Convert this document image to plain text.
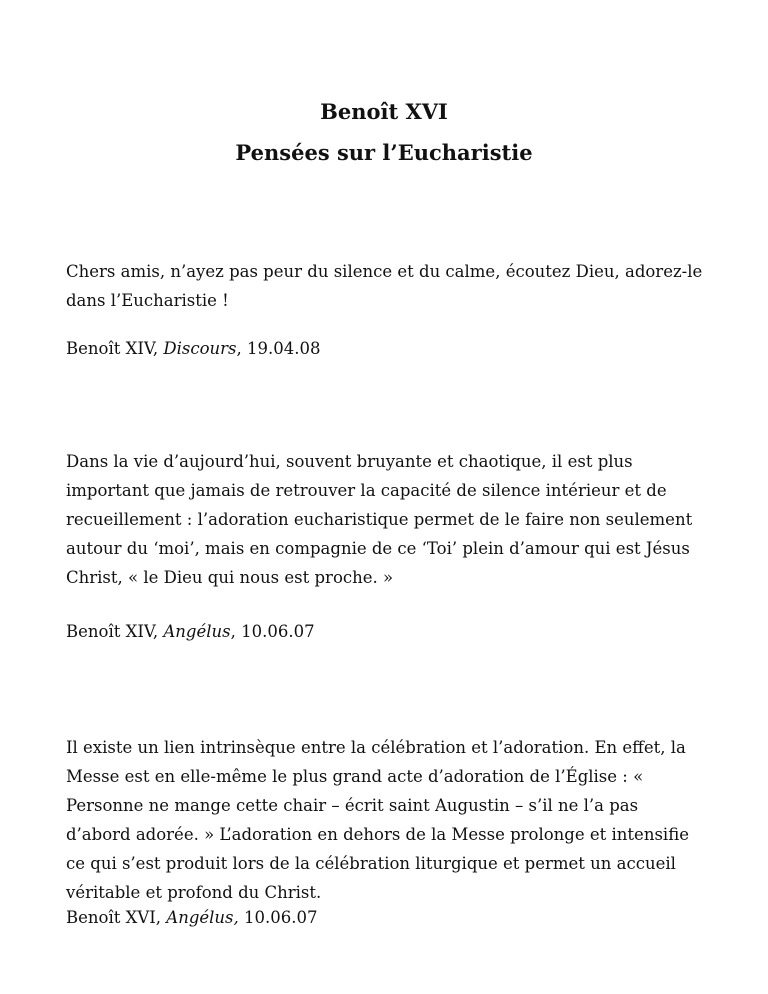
Benoît XVI
Pensées sur l’Eucharistie

Chers amis, n’ayez pas peur du silence et du calme, écoutez Dieu, adorez-le dans l’Eucharistie !

Benoît XIV, Discours, 19.04.08

Dans la vie d’aujourd’hui, souvent bruyante et chaotique, il est plus important que jamais de retrouver la capacité de silence intérieur et de recueillement : l’adoration eucharistique permet de le faire non seulement autour du ‘moi’, mais en compagnie de ce ‘Toi’ plein d’amour qui est Jésus Christ, « le Dieu qui nous est proche. »

Benoît XIV, Angélus, 10.06.07

Il existe un lien intrinsèque entre la célébration et l’adoration. En effet, la Messe est en elle-même le plus grand acte d’adoration de l’Église : « Personne ne mange cette chair – écrit saint Augustin – s’il ne l’a pas d’abord adorée. » L’adoration en dehors de la Messe prolonge et intensifie ce qui s’est produit lors de la célébration liturgique et permet un accueil véritable et profond du Christ.

Benoît XVI, Angélus, 10.06.07
